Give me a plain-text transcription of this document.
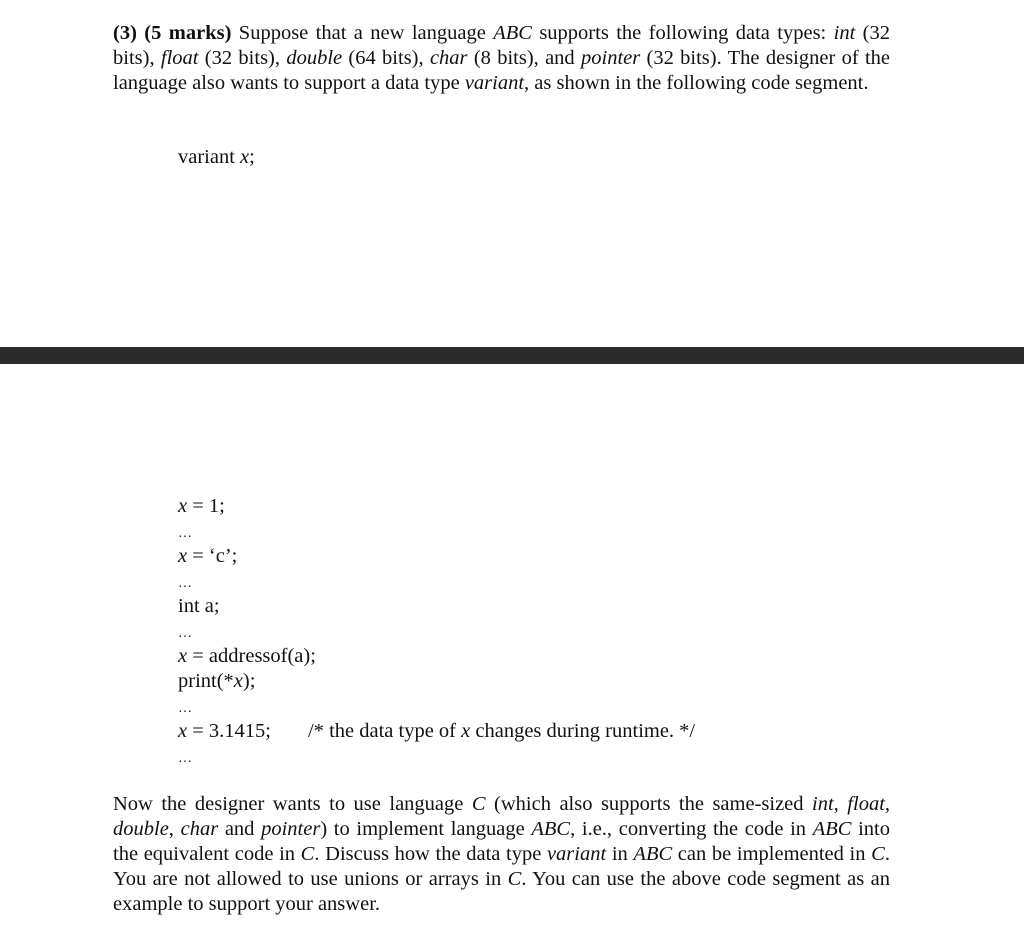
(3) (5 marks) Suppose that a new language ABC supports the following data types: int (32 bits), float (32 bits), double (64 bits), char (8 bits), and pointer (32 bits). The designer of the language also wants to support a data type variant, as shown in the following code segment.
variant x;
x = 1;
…
x = ‘c’;
…
int a;
…
x = addressof(a);
print(*x);
…
x = 3.1415; /* the data type of x changes during runtime. */
…
Now the designer wants to use language C (which also supports the same-sized int, float, double, char and pointer) to implement language ABC, i.e., converting the code in ABC into the equivalent code in C. Discuss how the data type variant in ABC can be implemented in C. You are not allowed to use unions or arrays in C. You can use the above code segment as an example to support your answer.
